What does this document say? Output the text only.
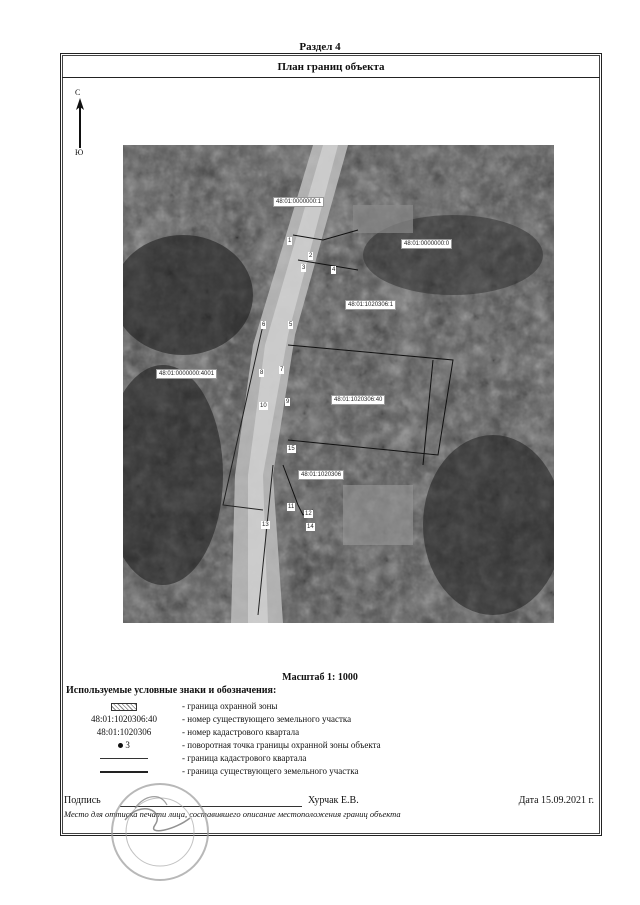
Раздел 4
План границ объекта
С
Ю
48:01:0000000:1
48:01:0000000:0
48:01:1020306:1
48:01:0000000:4001
48:01:1020306:40
48:01:1020306
1
2
3	4
5
6
7
8
9
10
11
12
13	14
15
Масштаб 1: 1000
Используемые условные знаки и обозначения:
- граница охранной зоны
48:01:1020306:40	- номер существующего земельного участка
48:01:1020306	- номер кадастрового квартала
3	- поворотная точка границы охранной зоны объекта
- граница кадастрового квартала
- граница существующего земельного участка
Подпись	Хурчак Е.В.	Дата 15.09.2021 г.
Место для оттиска печати лица, составившего описание местоположения границ объекта
